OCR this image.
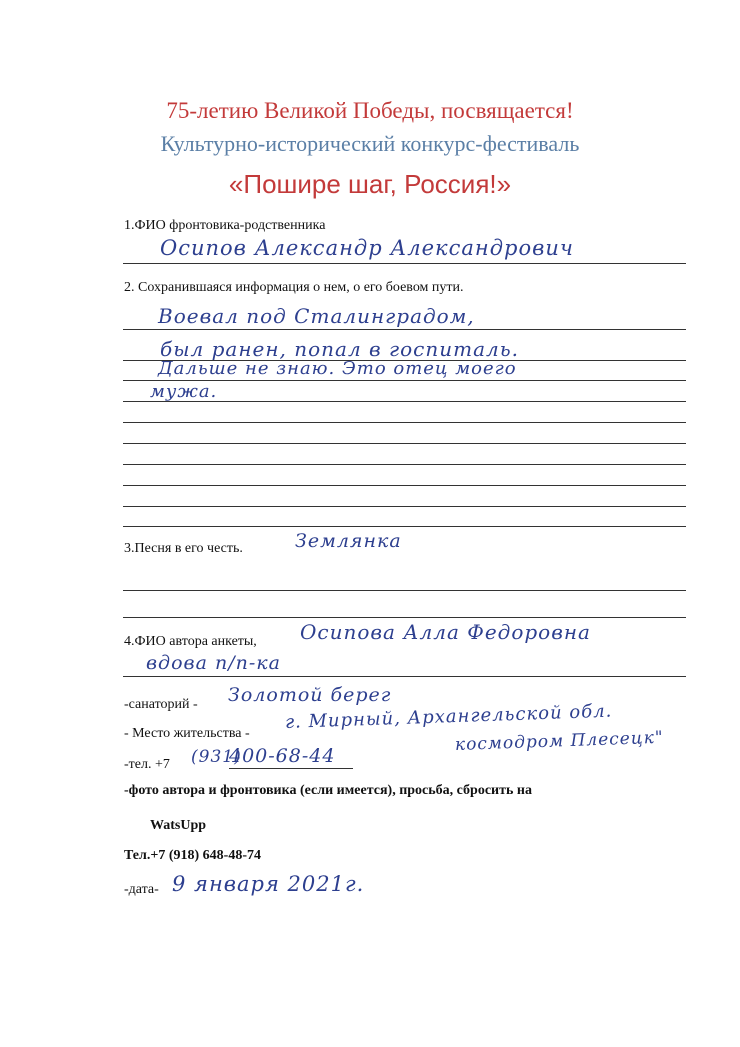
75-летию Великой Победы, посвящается!
Культурно-исторический конкурс-фестиваль
«Пошире шаг, Россия!»
1.ФИО фронтовика-родственника
Осипов Александр Александрович
2. Сохранившаяся информация о нем, о его боевом пути.
Воевал под Сталинградом,
был ранен, попал в госпиталь.
Дальше не знаю. Это отец моего
мужа.
3.Песня в его честь.	Землянка
4.ФИО автора анкеты, Осипова Алла Федоровна
вдова п/п-ка
-санаторий - Золотой берег
- Место жительства -
г. Мирный, Архангельской обл.
космодром Плесецк"
-тел. +7 (931)
400-68-44
-фото автора и фронтовика (если имеется), просьба, сбросить на
WatsUpp
Тел.+7 (918) 648-48-74
-дата- 9 января 2021г.
